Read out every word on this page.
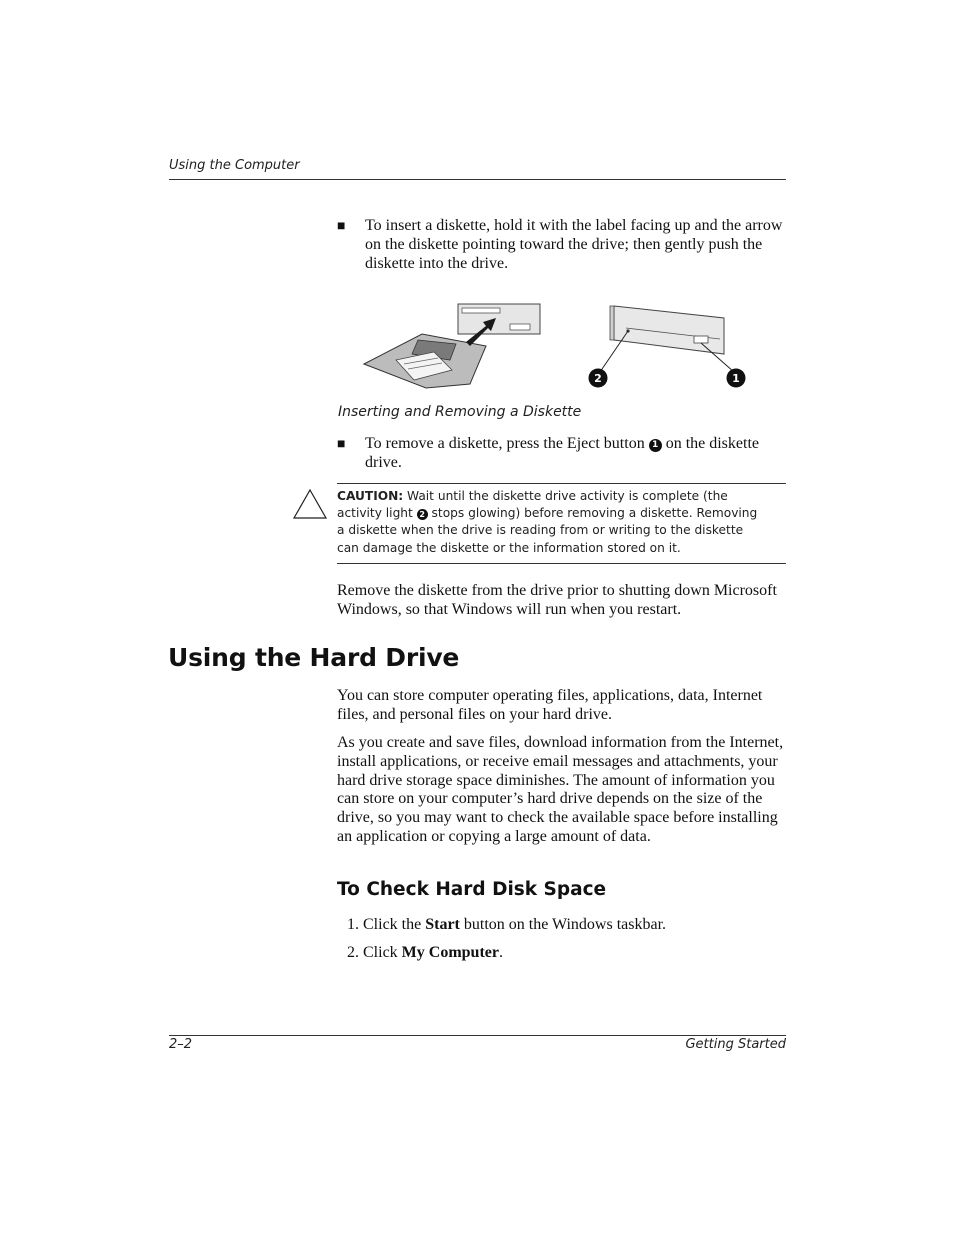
Using the Computer
■ To insert a diskette, hold it with the label facing up and the arrow on the diskette pointing toward the drive; then gently push the diskette into the drive.
2	1
Inserting and Removing a Diskette
■ To remove a diskette, press the Eject button 1 on the diskette drive.
CAUTION: Wait until the diskette drive activity is complete (the activity light 2 stops glowing) before removing a diskette. Removing a diskette when the drive is reading from or writing to the diskette can damage the diskette or the information stored on it.
Remove the diskette from the drive prior to shutting down Microsoft Windows, so that Windows will run when you restart.
Using the Hard Drive
You can store computer operating files, applications, data, Internet files, and personal files on your hard drive.
As you create and save files, download information from the Internet, install applications, or receive email messages and attachments, your hard drive storage space diminishes. The amount of information you can store on your computer’s hard drive depends on the size of the drive, so you may want to check the available space before installing an application or copying a large amount of data.
To Check Hard Disk Space
1. Click the Start button on the Windows taskbar.
2. Click My Computer.
2–2	Getting Started
